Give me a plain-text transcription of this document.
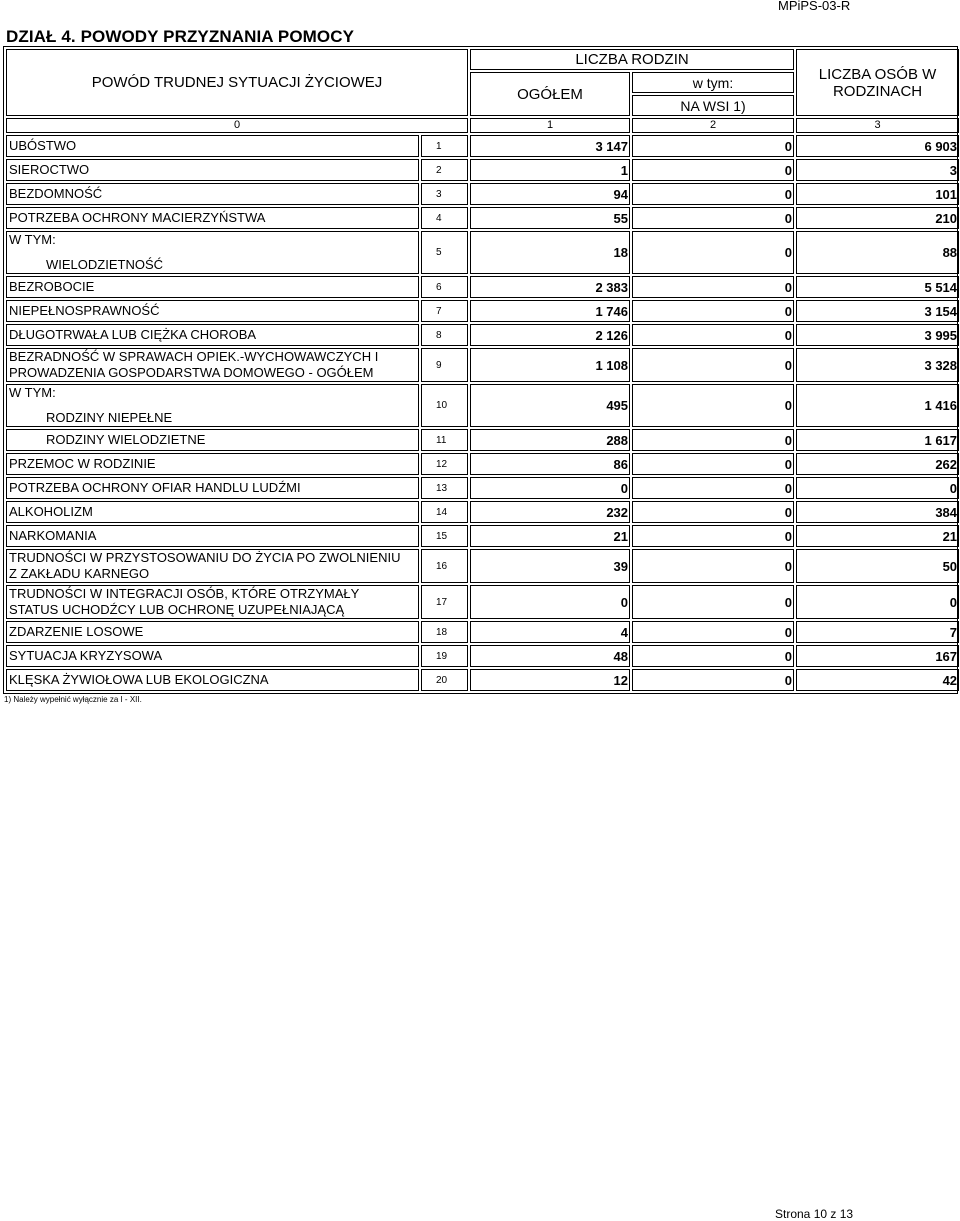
MPiPS-03-R
DZIAŁ 4. POWODY PRZYZNANIA POMOCY
POWÓD TRUDNEJ SYTUACJI ŻYCIOWEJ		LICZBA RODZIN		LICZBA OSÓB W RODZINACH
		OGÓŁEM	w tym:	
			NA WSI 1)	
0		1	2	3
UBÓSTWO	1	3 147	0	6 903
SIEROCTWO	2	1	0	3
BEZDOMNOŚĆ	3	94	0	101
POTRZEBA OCHRONY MACIERZYŃSTWA	4	55	0	210
W TYM:
WIELODZIETNOŚĆ	5	18	0	88
BEZROBOCIE	6	2 383	0	5 514
NIEPEŁNOSPRAWNOŚĆ	7	1 746	0	3 154
DŁUGOTRWAŁA LUB CIĘŻKA CHOROBA	8	2 126	0	3 995
BEZRADNOŚĆ W SPRAWACH OPIEK.-WYCHOWAWCZYCH I
PROWADZENIA GOSPODARSTWA DOMOWEGO - OGÓŁEM	9	1 108	0	3 328
W TYM:
RODZINY NIEPEŁNE	10	495	0	1 416

RODZINY WIELODZIETNE	11	288	0	1 617
PRZEMOC W RODZINIE	12	86	0	262
POTRZEBA OCHRONY OFIAR HANDLU LUDŹMI	13	0	0	0
ALKOHOLIZM	14	232	0	384
NARKOMANIA	15	21	0	21
TRUDNOŚCI W PRZYSTOSOWANIU DO ŻYCIA PO ZWOLNIENIU
Z ZAKŁADU KARNEGO	16	39	0	50
TRUDNOŚCI W INTEGRACJI OSÓB, KTÓRE OTRZYMAŁY
STATUS UCHODŹCY LUB OCHRONĘ UZUPEŁNIAJĄCĄ	17	0	0	0
ZDARZENIE LOSOWE	18	4	0	7
SYTUACJA KRYZYSOWA	19	48	0	167
KLĘSKA ŻYWIOŁOWA LUB EKOLOGICZNA	20	12	0	42
1) Należy wypełnić wyłącznie za I - XII.
Strona 10 z 13
